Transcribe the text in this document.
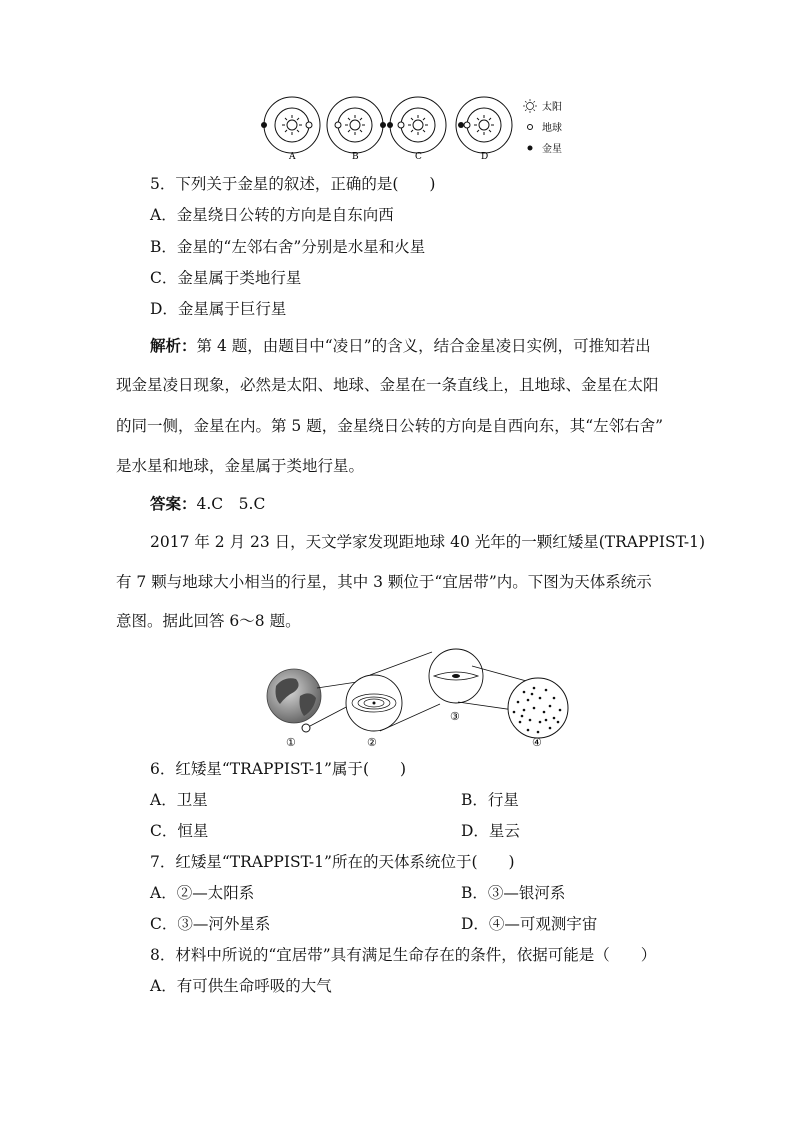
A	B	C	D
太阳
地球
金星
5．下列关于金星的叙述，正确的是(　　)
A．金星绕日公转的方向是自东向西
B．金星的“左邻右舍”分别是水星和火星
C．金星属于类地行星
D．金星属于巨行星
解析：第 4 题，由题目中“凌日”的含义，结合金星凌日实例，可推知若出
现金星凌日现象，必然是太阳、地球、金星在一条直线上，且地球、金星在太阳
的同一侧，金星在内。第 5 题，金星绕日公转的方向是自西向东，其“左邻右舍”
是水星和地球，金星属于类地行星。
答案：4.C　5.C
2017 年 2 月 23 日，天文学家发现距地球 40 光年的一颗红矮星(TRAPPIST-1)
有 7 颗与地球大小相当的行星，其中 3 颗位于“宜居带”内。下图为天体系统示
意图。据此回答 6～8 题。
①	②
③
④
6．红矮星“TRAPPIST-1”属于(　　)
A．卫星	B．行星
C．恒星	D．星云
7．红矮星“TRAPPIST-1”所在的天体系统位于(　　)
A．②—太阳系	B．③—银河系
C．③—河外星系	D．④—可观测宇宙
8．材料中所说的“宜居带”具有满足生命存在的条件，依据可能是（　　）
A．有可供生命呼吸的大气
